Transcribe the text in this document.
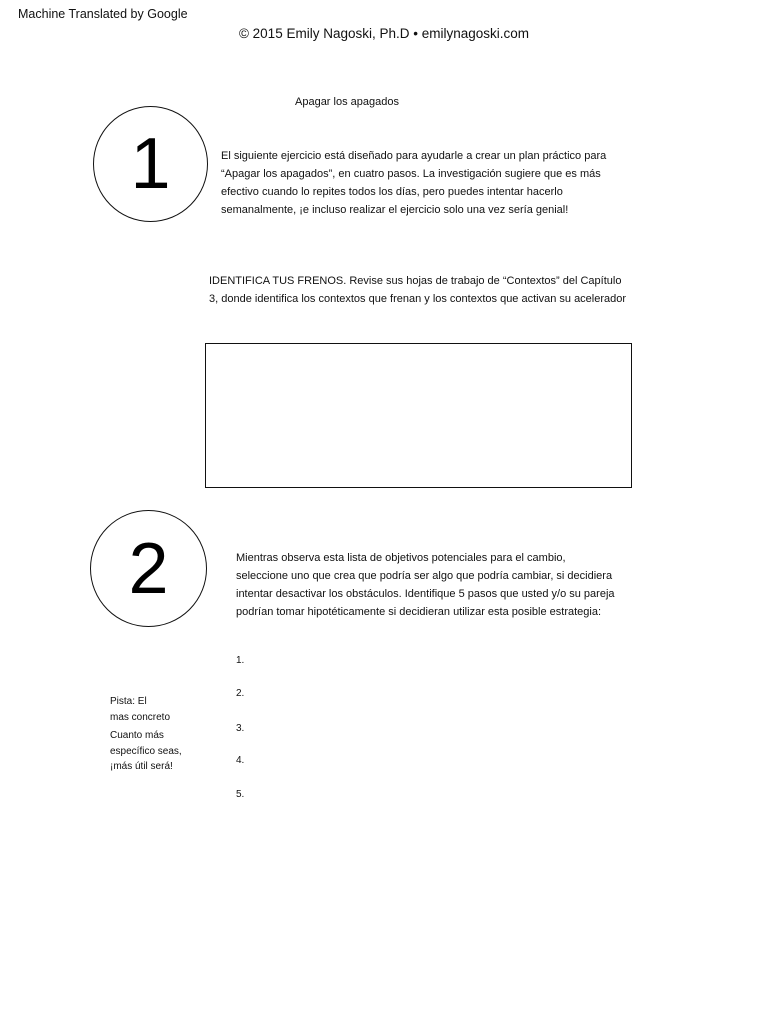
Machine Translated by Google
© 2015 Emily Nagoski, Ph.D • emilynagoski.com
Apagar los apagados
1	El siguiente ejercicio está diseñado para ayudarle a crear un plan práctico para “Apagar los apagados”, en cuatro pasos. La investigación sugiere que es más efectivo cuando lo repites todos los días, pero puedes intentar hacerlo semanalmente, ¡e incluso realizar el ejercicio solo una vez sería genial!
IDENTIFICA TUS FRENOS. Revise sus hojas de trabajo de “Contextos” del Capítulo 3, donde identifica los contextos que frenan y los contextos que activan su acelerador
2	Mientras observa esta lista de objetivos potenciales para el cambio, seleccione uno que crea que podría ser algo que podría cambiar, si decidiera intentar desactivar los obstáculos. Identifique 5 pasos que usted y/o su pareja podrían tomar hipotéticamente si decidieran utilizar esta posible estrategia:
1.
2.
3.
4.
5.
Pista: El
mas concreto
Cuanto más
específico seas,
¡más útil será!
